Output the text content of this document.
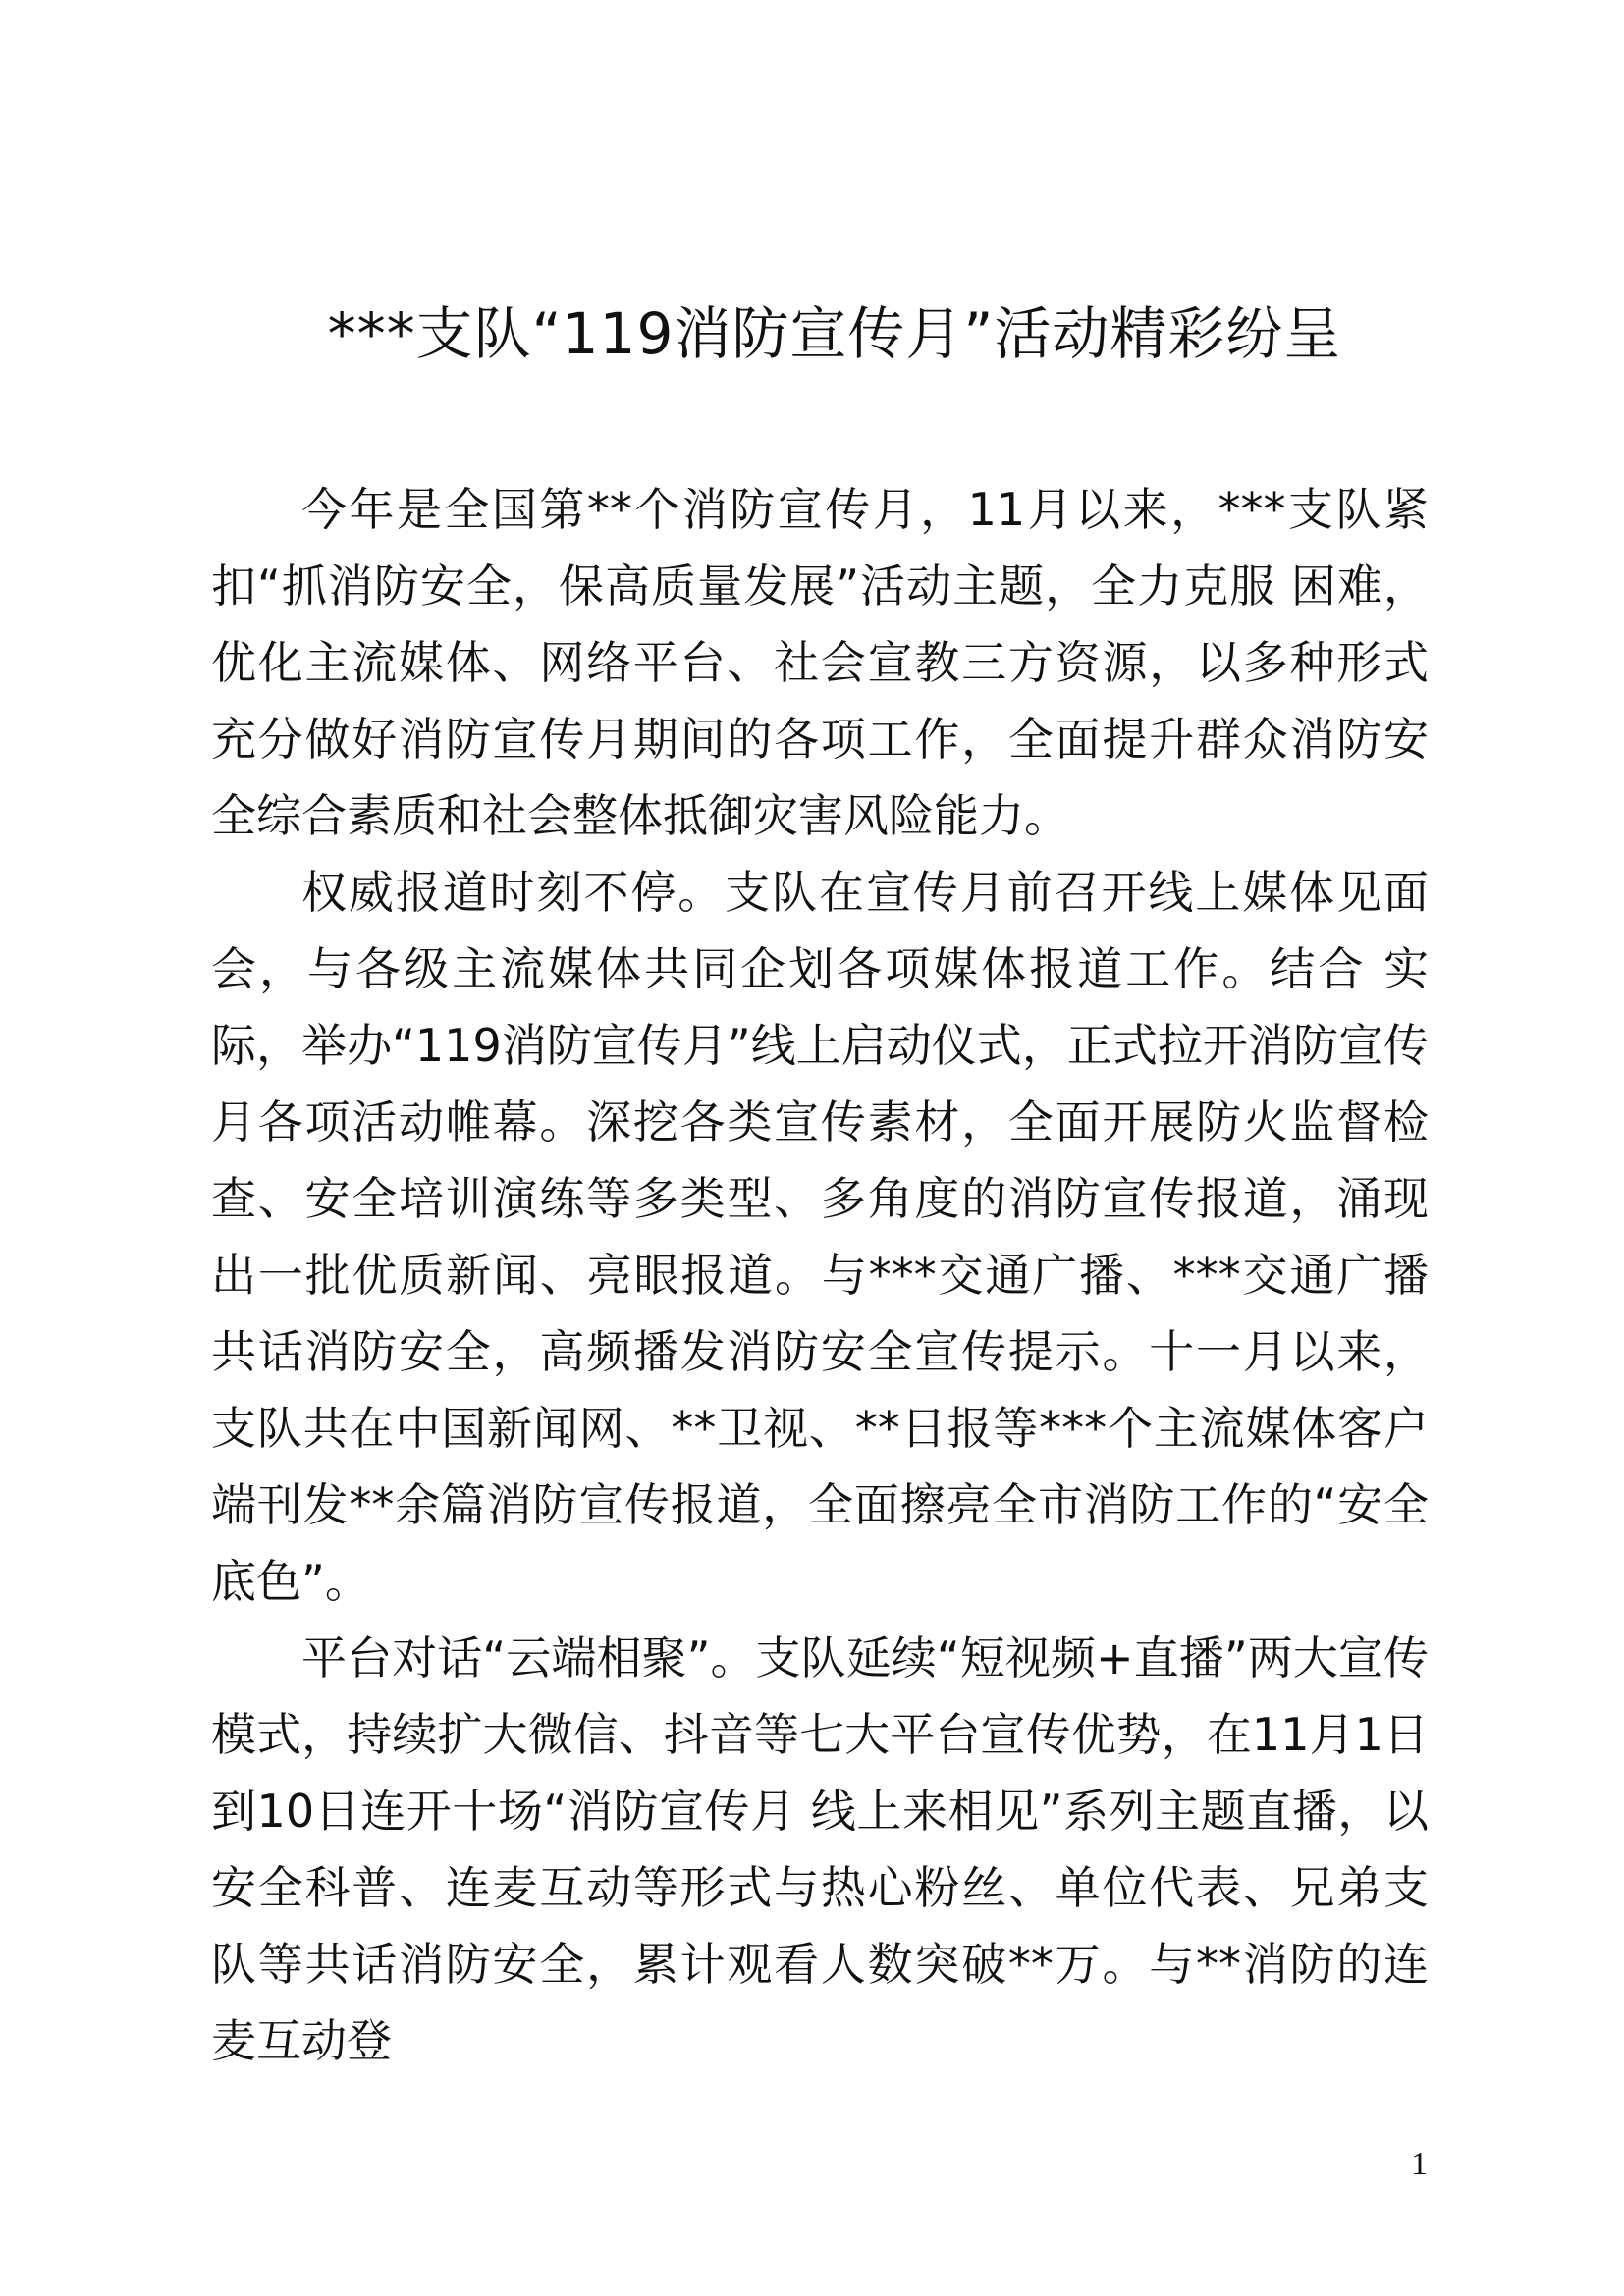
***支队“119消防宣传月”活动精彩纷呈

今年是全国第**个消防宣传月，11月以来，***支队紧扣“抓消防安全，保高质量发展”活动主题，全力克服 困难，优化主流媒体、网络平台、社会宣教三方资源，以多种形式充分做好消防宣传月期间的各项工作，全面提升群众消防安全综合素质和社会整体抵御灾害风险能力。

权威报道时刻不停。支队在宣传月前召开线上媒体见面会，与各级主流媒体共同企划各项媒体报道工作。结合 实际，举办“119消防宣传月”线上启动仪式，正式拉开消防宣传月各项活动帷幕。深挖各类宣传素材，全面开展防火监督检查、安全培训演练等多类型、多角度的消防宣传报道，涌现出一批优质新闻、亮眼报道。与***交通广播、***交通广播共话消防安全，高频播发消防安全宣传提示。十一月以来，支队共在中国新闻网、**卫视、**日报等***个主流媒体客户端刊发**余篇消防宣传报道，全面擦亮全市消防工作的“安全底色”。

平台对话“云端相聚”。支队延续“短视频+直播”两大宣传模式，持续扩大微信、抖音等七大平台宣传优势，在11月1日到10日连开十场“消防宣传月 线上来相见”系列主题直播，以安全科普、连麦互动等形式与热心粉丝、单位代表、兄弟支队等共话消防安全，累计观看人数突破**万。与**消防的连麦互动登

1
